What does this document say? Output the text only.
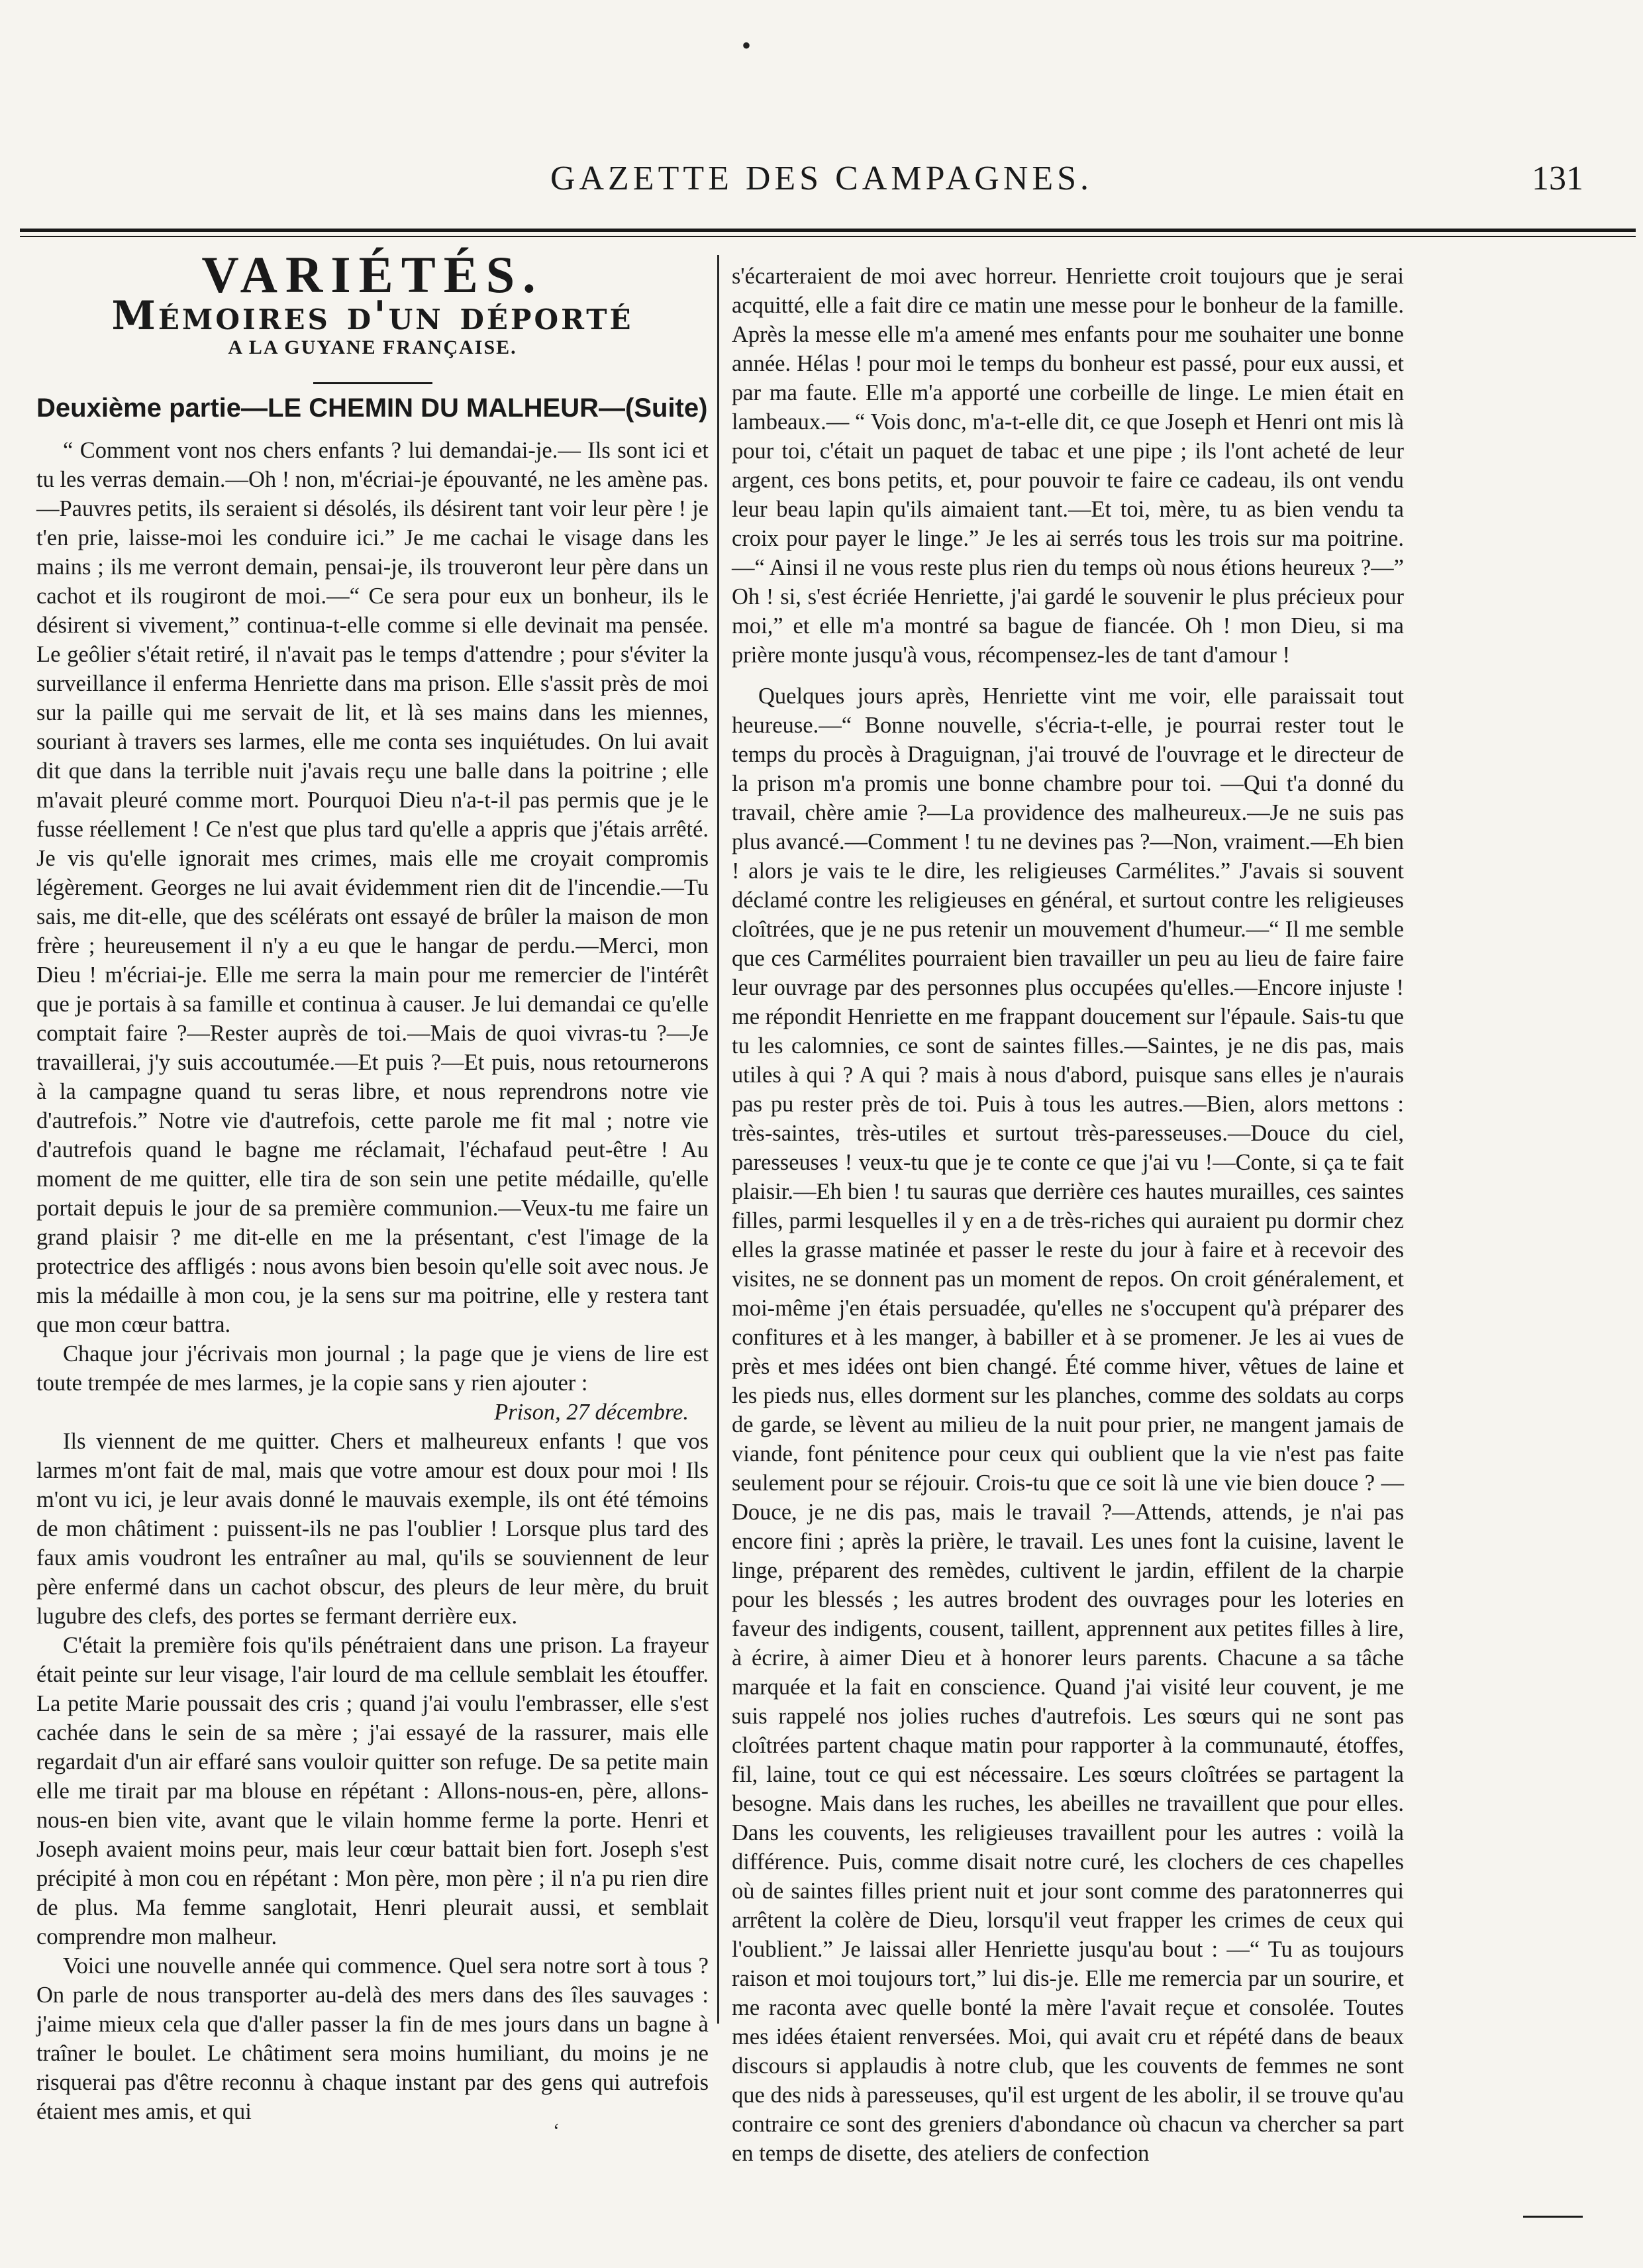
•
GAZETTE DES CAMPAGNES.	131
VARIÉTÉS.
Mémoires d'un déporté
A LA GUYANE FRANÇAISE.
Deuxième partie—LE CHEMIN DU MALHEUR—(Suite)

“ Comment vont nos chers enfants ? lui demandai-je.— Ils sont ici et tu les verras demain.—Oh ! non, m'écriai-je épouvanté, ne les amène pas.—Pauvres petits, ils seraient si désolés, ils désirent tant voir leur père ! je t'en prie, laisse-moi les conduire ici.” Je me cachai le visage dans les mains ; ils me verront demain, pensai-je, ils trouveront leur père dans un cachot et ils rougiront de moi.—“ Ce sera pour eux un bonheur, ils le désirent si vivement,” continua-t-elle comme si elle devinait ma pensée. Le geôlier s'était retiré, il n'avait pas le temps d'attendre ; pour s'éviter la surveillance il enferma Henriette dans ma prison. Elle s'assit près de moi sur la paille qui me servait de lit, et là ses mains dans les miennes, souriant à travers ses larmes, elle me conta ses inquiétudes. On lui avait dit que dans la terrible nuit j'avais reçu une balle dans la poitrine ; elle m'avait pleuré comme mort. Pourquoi Dieu n'a-t-il pas permis que je le fusse réellement ! Ce n'est que plus tard qu'elle a appris que j'étais arrêté. Je vis qu'elle ignorait mes crimes, mais elle me croyait compromis légèrement. Georges ne lui avait évidemment rien dit de l'incendie.—Tu sais, me dit-elle, que des scélérats ont essayé de brûler la maison de mon frère ; heureusement il n'y a eu que le hangar de perdu.—Merci, mon Dieu ! m'écriai-je. Elle me serra la main pour me remercier de l'intérêt que je portais à sa famille et continua à causer. Je lui demandai ce qu'elle comptait faire ?—Rester auprès de toi.—Mais de quoi vivras-tu ?—Je travaillerai, j'y suis accoutumée.—Et puis ?—Et puis, nous retournerons à la campagne quand tu seras libre, et nous reprendrons notre vie d'autrefois.” Notre vie d'autrefois, cette parole me fit mal ; notre vie d'autrefois quand le bagne me réclamait, l'échafaud peut-être ! Au moment de me quitter, elle tira de son sein une petite médaille, qu'elle portait depuis le jour de sa première communion.—Veux-tu me faire un grand plaisir ? me dit-elle en me la présentant, c'est l'image de la protectrice des affligés : nous avons bien besoin qu'elle soit avec nous. Je mis la médaille à mon cou, je la sens sur ma poitrine, elle y restera tant que mon cœur battra.

Chaque jour j'écrivais mon journal ; la page que je viens de lire est toute trempée de mes larmes, je la copie sans y rien ajouter :

Prison, 27 décembre.

Ils viennent de me quitter. Chers et malheureux enfants ! que vos larmes m'ont fait de mal, mais que votre amour est doux pour moi ! Ils m'ont vu ici, je leur avais donné le mauvais exemple, ils ont été témoins de mon châtiment : puissent-ils ne pas l'oublier ! Lorsque plus tard des faux amis voudront les entraîner au mal, qu'ils se souviennent de leur père enfermé dans un cachot obscur, des pleurs de leur mère, du bruit lugubre des clefs, des portes se fermant derrière eux.

C'était la première fois qu'ils pénétraient dans une prison. La frayeur était peinte sur leur visage, l'air lourd de ma cellule semblait les étouffer. La petite Marie poussait des cris ; quand j'ai voulu l'embrasser, elle s'est cachée dans le sein de sa mère ; j'ai essayé de la rassurer, mais elle regardait d'un air effaré sans vouloir quitter son refuge. De sa petite main elle me tirait par ma blouse en répétant : Allons-nous-en, père, allons-nous-en bien vite, avant que le vilain homme ferme la porte. Henri et Joseph avaient moins peur, mais leur cœur battait bien fort. Joseph s'est précipité à mon cou en répétant : Mon père, mon père ; il n'a pu rien dire de plus. Ma femme sanglotait, Henri pleurait aussi, et semblait comprendre mon malheur.

Voici une nouvelle année qui commence. Quel sera notre sort à tous ? On parle de nous transporter au-delà des mers dans des îles sauvages : j'aime mieux cela que d'aller passer la fin de mes jours dans un bagne à traîner le boulet. Le châtiment sera moins humiliant, du moins je ne risquerai pas d'être reconnu à chaque instant par des gens qui autrefois étaient mes amis, et qui

s'écarteraient de moi avec horreur. Henriette croit toujours que je serai acquitté, elle a fait dire ce matin une messe pour le bonheur de la famille. Après la messe elle m'a amené mes enfants pour me souhaiter une bonne année. Hélas ! pour moi le temps du bonheur est passé, pour eux aussi, et par ma faute. Elle m'a apporté une corbeille de linge. Le mien était en lambeaux.— “ Vois donc, m'a-t-elle dit, ce que Joseph et Henri ont mis là pour toi, c'était un paquet de tabac et une pipe ; ils l'ont acheté de leur argent, ces bons petits, et, pour pouvoir te faire ce cadeau, ils ont vendu leur beau lapin qu'ils aimaient tant.—Et toi, mère, tu as bien vendu ta croix pour payer le linge.” Je les ai serrés tous les trois sur ma poitrine.—“ Ainsi il ne vous reste plus rien du temps où nous étions heureux ?—” Oh ! si, s'est écriée Henriette, j'ai gardé le souvenir le plus précieux pour moi,” et elle m'a montré sa bague de fiancée. Oh ! mon Dieu, si ma prière monte jusqu'à vous, récompensez-les de tant d'amour !

Quelques jours après, Henriette vint me voir, elle paraissait tout heureuse.—“ Bonne nouvelle, s'écria-t-elle, je pourrai rester tout le temps du procès à Draguignan, j'ai trouvé de l'ouvrage et le directeur de la prison m'a promis une bonne chambre pour toi. —Qui t'a donné du travail, chère amie ?—La providence des malheureux.—Je ne suis pas plus avancé.—Comment ! tu ne devines pas ?—Non, vraiment.—Eh bien ! alors je vais te le dire, les religieuses Carmélites.” J'avais si souvent déclamé contre les religieuses en général, et surtout contre les religieuses cloîtrées, que je ne pus retenir un mouvement d'humeur.—“ Il me semble que ces Carmélites pourraient bien travailler un peu au lieu de faire faire leur ouvrage par des personnes plus occupées qu'elles.—Encore injuste ! me répondit Henriette en me frappant doucement sur l'épaule. Sais-tu que tu les calomnies, ce sont de saintes filles.—Saintes, je ne dis pas, mais utiles à qui ? A qui ? mais à nous d'abord, puisque sans elles je n'aurais pas pu rester près de toi. Puis à tous les autres.—Bien, alors mettons : très-saintes, très-utiles et surtout très-paresseuses.—Douce du ciel, paresseuses ! veux-tu que je te conte ce que j'ai vu !—Conte, si ça te fait plaisir.—Eh bien ! tu sauras que derrière ces hautes murailles, ces saintes filles, parmi lesquelles il y en a de très-riches qui auraient pu dormir chez elles la grasse matinée et passer le reste du jour à faire et à recevoir des visites, ne se donnent pas un moment de repos. On croit généralement, et moi-même j'en étais persuadée, qu'elles ne s'occupent qu'à préparer des confitures et à les manger, à babiller et à se promener. Je les ai vues de près et mes idées ont bien changé. Été comme hiver, vêtues de laine et les pieds nus, elles dorment sur les planches, comme des soldats au corps de garde, se lèvent au milieu de la nuit pour prier, ne mangent jamais de viande, font pénitence pour ceux qui oublient que la vie n'est pas faite seulement pour se réjouir. Crois-tu que ce soit là une vie bien douce ? —Douce, je ne dis pas, mais le travail ?—Attends, attends, je n'ai pas encore fini ; après la prière, le travail. Les unes font la cuisine, lavent le linge, préparent des remèdes, cultivent le jardin, effilent de la charpie pour les blessés ; les autres brodent des ouvrages pour les loteries en faveur des indigents, cousent, taillent, apprennent aux petites filles à lire, à écrire, à aimer Dieu et à honorer leurs parents. Chacune a sa tâche marquée et la fait en conscience. Quand j'ai visité leur couvent, je me suis rappelé nos jolies ruches d'autrefois. Les sœurs qui ne sont pas cloîtrées partent chaque matin pour rapporter à la communauté, étoffes, fil, laine, tout ce qui est nécessaire. Les sœurs cloîtrées se partagent la besogne. Mais dans les ruches, les abeilles ne travaillent que pour elles. Dans les couvents, les religieuses travaillent pour les autres : voilà la différence. Puis, comme disait notre curé, les clochers de ces chapelles où de saintes filles prient nuit et jour sont comme des paratonnerres qui arrêtent la colère de Dieu, lorsqu'il veut frapper les crimes de ceux qui l'oublient.” Je laissai aller Henriette jusqu'au bout : —“ Tu as toujours raison et moi toujours tort,” lui dis-je. Elle me remercia par un sourire, et me raconta avec quelle bonté la mère l'avait reçue et consolée. Toutes mes idées étaient renversées. Moi, qui avait cru et répété dans de beaux discours si applaudis à notre club, que les couvents de femmes ne sont que des nids à paresseuses, qu'il est urgent de les abolir, il se trouve qu'au contraire ce sont des greniers d'abondance où chacun va chercher sa part en temps de disette, des ateliers de confection

‘
